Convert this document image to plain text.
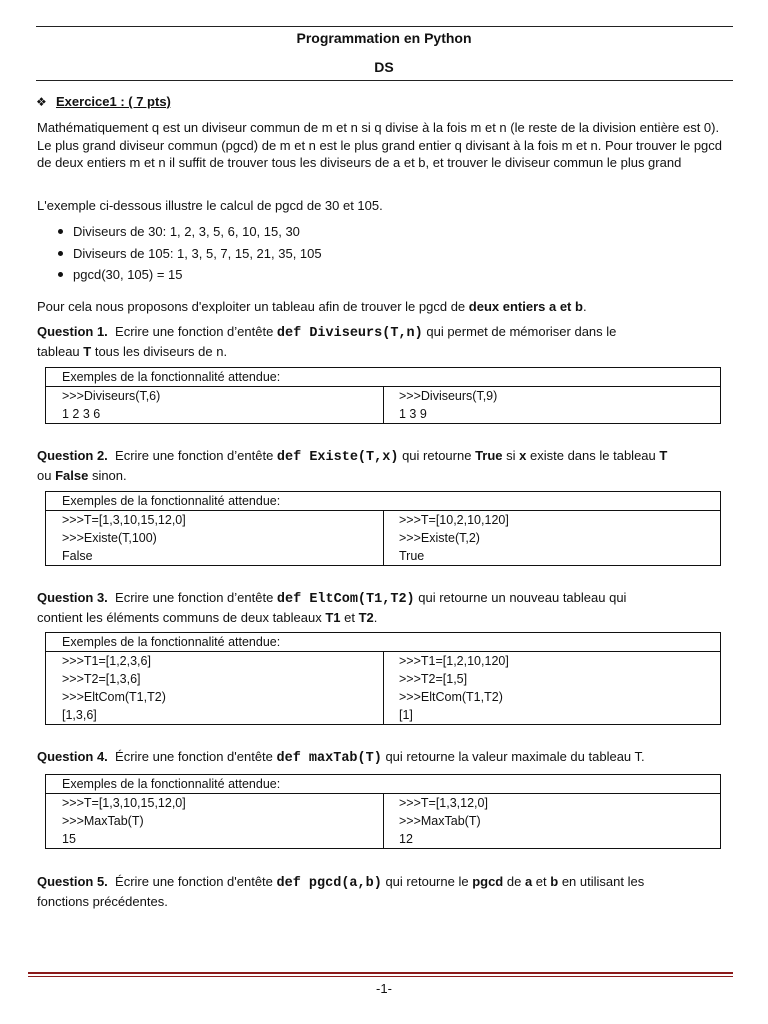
Programmation en Python
DS
❖ Exercice1 : ( 7 pts)
Mathématiquement q est un diviseur commun de m et n si q divise à la fois m et n (le reste de la division entière est 0). Le plus grand diviseur commun (pgcd) de m et n est le plus grand entier q divisant à la fois m et n. Pour trouver le pgcd de deux entiers m et n il suffit de trouver tous les diviseurs de a et b, et trouver le diviseur commun le plus grand
L'exemple ci-dessous illustre le calcul de pgcd de 30 et 105.
Diviseurs de 30: 1, 2, 3, 5, 6, 10, 15, 30
Diviseurs de 105: 1, 3, 5, 7, 15, 21, 35, 105
pgcd(30, 105) = 15
Pour cela nous proposons d'exploiter un tableau afin de trouver le pgcd de deux entiers a et b.
Question 1. Ecrire une fonction d’entête def Diviseurs(T,n) qui permet de mémoriser dans le
tableau T tous les diviseurs de n.
Exemples de la fonctionnalité attendue:
>>>Diviseurs(T,6)
1 2 3 6
>>>Diviseurs(T,9)
1 3 9
Question 2. Ecrire une fonction d’entête def Existe(T,x) qui retourne True si x existe dans le tableau T
ou False sinon.
Exemples de la fonctionnalité attendue:
>>>T=[1,3,10,15,12,0]
>>>Existe(T,100)
False
>>>T=[10,2,10,120]
>>>Existe(T,2)
True
Question 3. Ecrire une fonction d’entête def EltCom(T1,T2) qui retourne un nouveau tableau qui
contient les éléments communs de deux tableaux T1 et T2.
Exemples de la fonctionnalité attendue:
>>>T1=[1,2,3,6]
>>>T2=[1,3,6]
>>>EltCom(T1,T2)
[1,3,6]
>>>T1=[1,2,10,120]
>>>T2=[1,5]
>>>EltCom(T1,T2)
[1]
Question 4. Écrire une fonction d'entête def maxTab(T) qui retourne la valeur maximale du tableau T.
Exemples de la fonctionnalité attendue:
>>>T=[1,3,10,15,12,0]
>>>MaxTab(T)
15
>>>T=[1,3,12,0]
>>>MaxTab(T)
12
Question 5. Écrire une fonction d'entête def pgcd(a,b) qui retourne le pgcd de a et b en utilisant les
fonctions précédentes.
-1-
